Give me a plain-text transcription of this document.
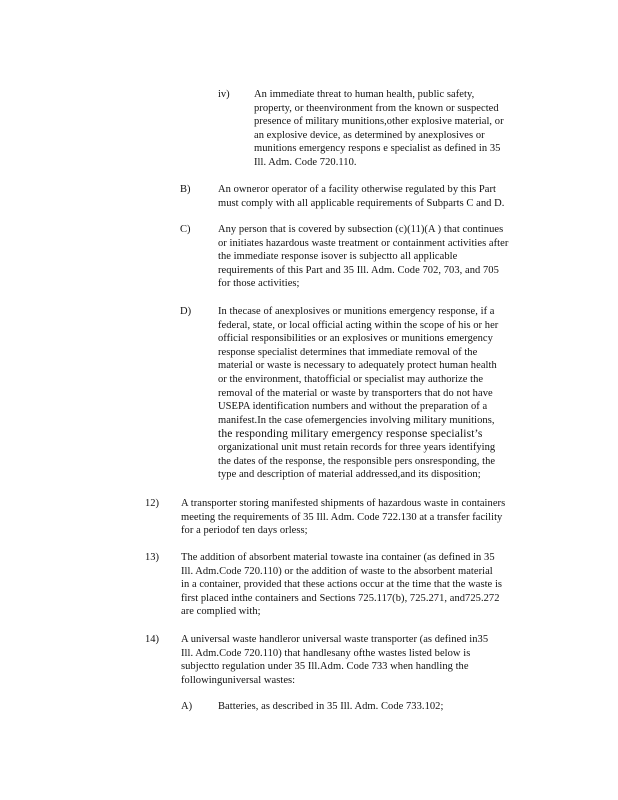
iv) An immediate threat to human health, public safety,
property, or theenvironment from the known or suspected
presence of military munitions,other explosive material, or
an explosive device, as determined by anexplosives or
munitions emergency respons e specialist as defined in 35
Ill. Adm. Code 720.110.
B)	An owneror operator of a facility otherwise regulated by this Part
must comply with all applicable requirements of Subparts C and D.
C)	Any person that is covered by subsection (c)(11)(A ) that continues
or initiates hazardous waste treatment or containment activities after
the immediate response isover is subjectto all applicable
requirements of this Part and 35 Ill. Adm. Code 702, 703, and 705
for those activities;
D)	In thecase of anexplosives or munitions emergency response, if a
federal, state, or local official acting within the scope of his or her
official responsibilities or an explosives or munitions emergency
response specialist determines that immediate removal of the
material or waste is necessary to adequately protect human health
or the environment, thatofficial or specialist may authorize the
removal of the material or waste by transporters that do not have
USEPA identification numbers and without the preparation of a
manifest.In the case ofemergencies involving military munitions,
the responding military emergency response specialist’s
organizational unit must retain records for three years identifying
the dates of the response, the responsible pers onsresponding, the
type and description of material addressed,and its disposition;
12) A transporter storing manifested shipments of hazardous waste in containers
meeting the requirements of 35 Ill. Adm. Code 722.130 at a transfer facility
for a periodof ten days orless;
13) The addition of absorbent material towaste ina container (as defined in 35
Ill. Adm.Code 720.110) or the addition of waste to the absorbent material
in a container, provided that these actions occur at the time that the waste is
first placed inthe containers and Sections 725.117(b), 725.271, and725.272
are complied with;
14) A universal waste handleror universal waste transporter (as defined in35
Ill. Adm.Code 720.110) that handlesany ofthe wastes listed below is
subjectto regulation under 35 Ill.Adm. Code 733 when handling the
followinguniversal wastes:
A) Batteries, as described in 35 Ill. Adm. Code 733.102;
